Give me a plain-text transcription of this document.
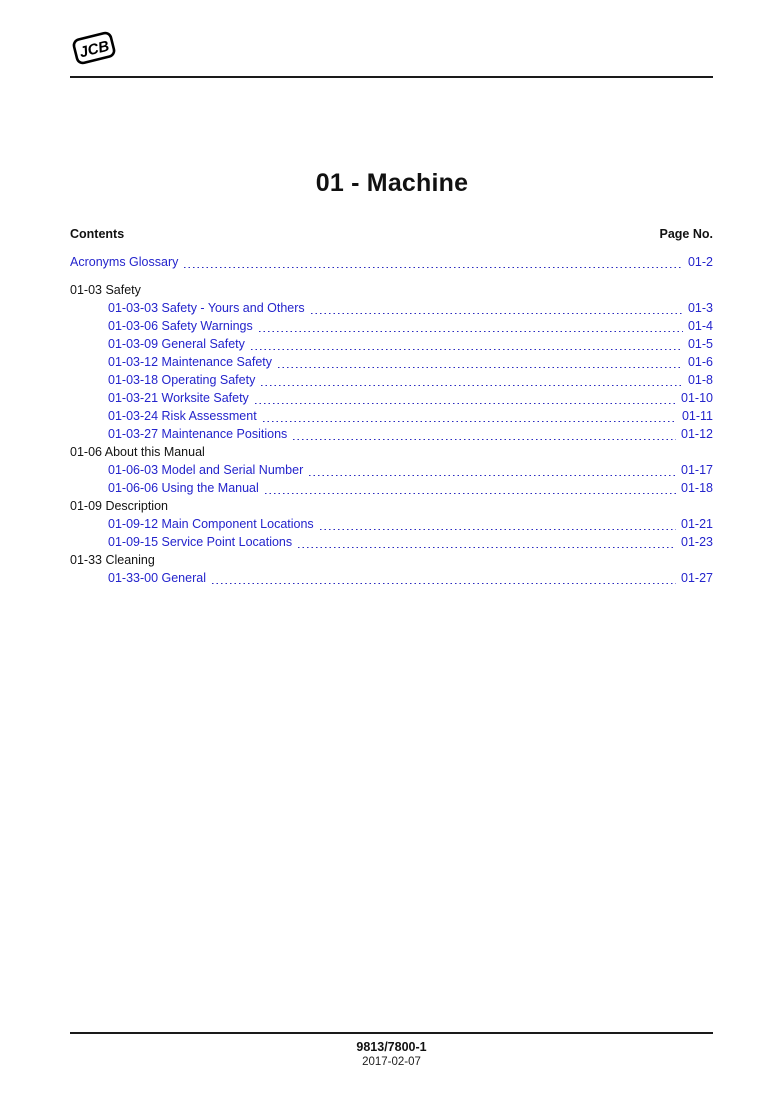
JCB
01 - Machine
Contents	Page No.
Acronyms Glossary	01-2
01-03 Safety
01-03-03 Safety - Yours and Others	01-3
01-03-06 Safety Warnings	01-4
01-03-09 General Safety	01-5
01-03-12 Maintenance Safety	01-6
01-03-18 Operating Safety	01-8
01-03-21 Worksite Safety	01-10
01-03-24 Risk Assessment	01-11
01-03-27 Maintenance Positions	01-12
01-06 About this Manual
01-06-03 Model and Serial Number	01-17
01-06-06 Using the Manual	01-18
01-09 Description
01-09-12 Main Component Locations	01-21
01-09-15 Service Point Locations	01-23
01-33 Cleaning
01-33-00 General	01-27
9813/7800-1
2017-02-07
